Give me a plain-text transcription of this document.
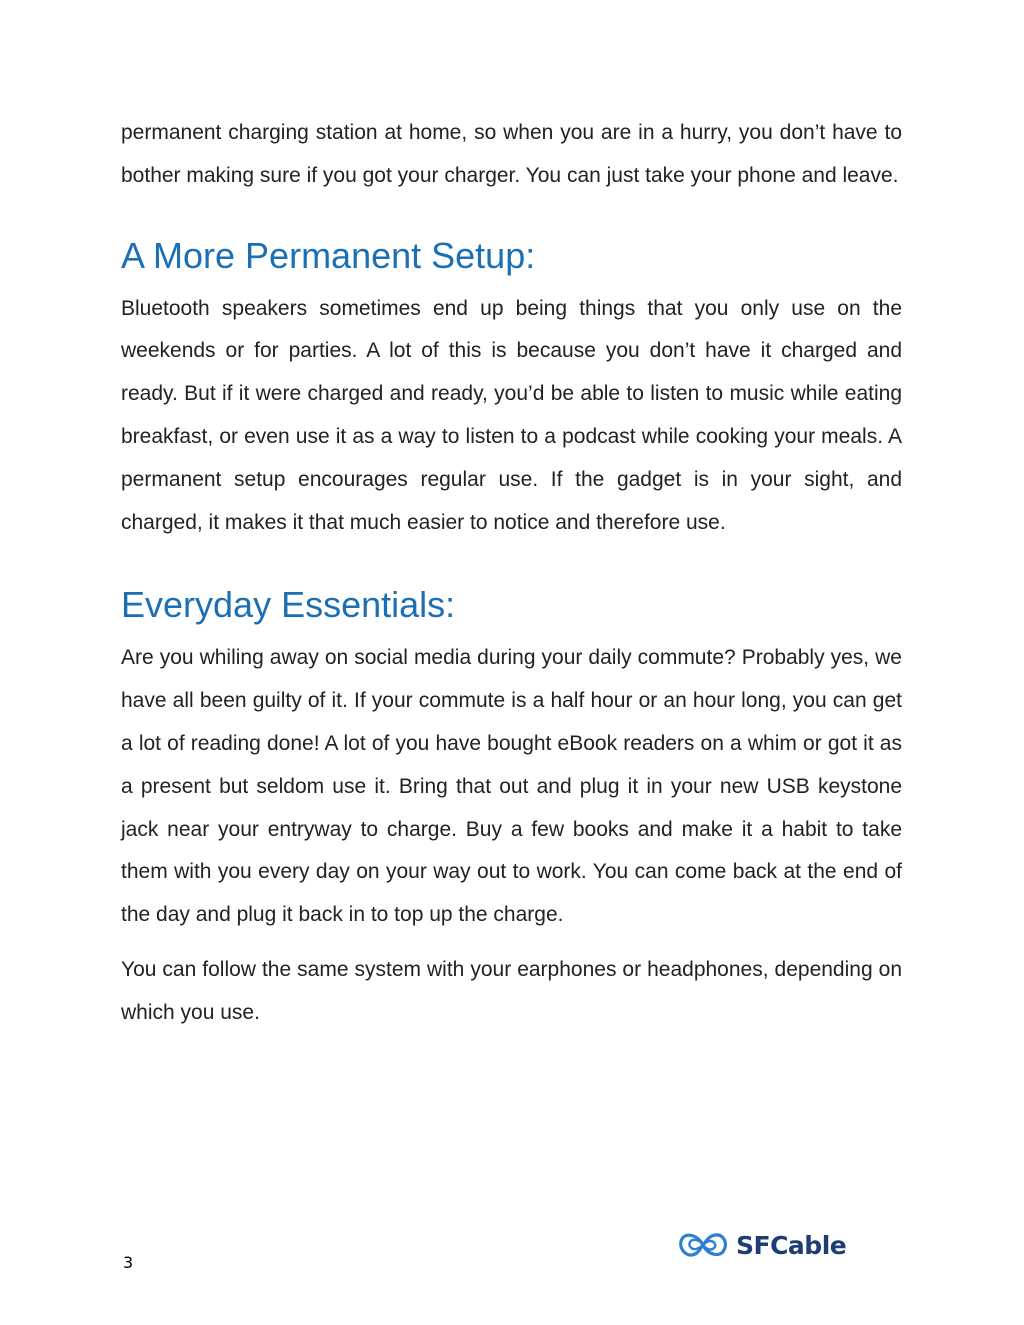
permanent charging station at home, so when you are in a hurry, you don’t have to bother making sure if you got your charger. You can just take your phone and leave.

A More Permanent Setup:

Bluetooth speakers sometimes end up being things that you only use on the weekends or for parties. A lot of this is because you don’t have it charged and ready. But if it were charged and ready, you’d be able to listen to music while eating breakfast, or even use it as a way to listen to a podcast while cooking your meals. A permanent setup encourages regular use. If the gadget is in your sight, and charged, it makes it that much easier to notice and therefore use.

Everyday Essentials:

Are you whiling away on social media during your daily commute? Probably yes, we have all been guilty of it. If your commute is a half hour or an hour long, you can get a lot of reading done! A lot of you have bought eBook readers on a whim or got it as a present but seldom use it. Bring that out and plug it in your new USB keystone jack near your entryway to charge. Buy a few books and make it a habit to take them with you every day on your way out to work. You can come back at the end of the day and plug it back in to top up the charge.

You can follow the same system with your earphones or headphones, depending on which you use.

3
SFCable
